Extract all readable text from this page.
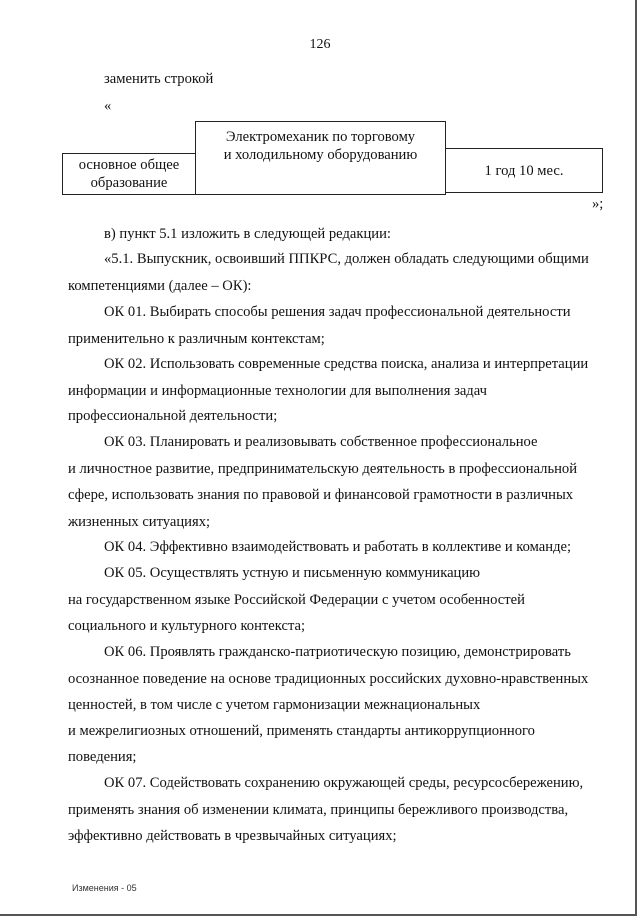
126
заменить строкой
«
основное общее
образование
Электромеханик по торговому
и холодильному оборудованию
1 год 10 мес.
»;
в) пункт 5.1 изложить в следующей редакции:
«5.1. Выпускник, освоивший ППКРС, должен обладать следующими общими
компетенциями (далее – ОК):
ОК 01. Выбирать способы решения задач профессиональной деятельности
применительно к различным контекстам;
ОК 02. Использовать современные средства поиска, анализа и интерпретации
информации и информационные технологии для выполнения задач
профессиональной деятельности;
ОК 03. Планировать и реализовывать собственное профессиональное
и личностное развитие, предпринимательскую деятельность в профессиональной
сфере, использовать знания по правовой и финансовой грамотности в различных
жизненных ситуациях;
ОК 04. Эффективно взаимодействовать и работать в коллективе и команде;
ОК 05. Осуществлять устную и письменную коммуникацию
на государственном языке Российской Федерации с учетом особенностей
социального и культурного контекста;
ОК 06. Проявлять гражданско-патриотическую позицию, демонстрировать
осознанное поведение на основе традиционных российских духовно-нравственных
ценностей, в том числе с учетом гармонизации межнациональных
и межрелигиозных отношений, применять стандарты антикоррупционного
поведения;
ОК 07. Содействовать сохранению окружающей среды, ресурсосбережению,
применять знания об изменении климата, принципы бережливого производства,
эффективно действовать в чрезвычайных ситуациях;
Изменения - 05
